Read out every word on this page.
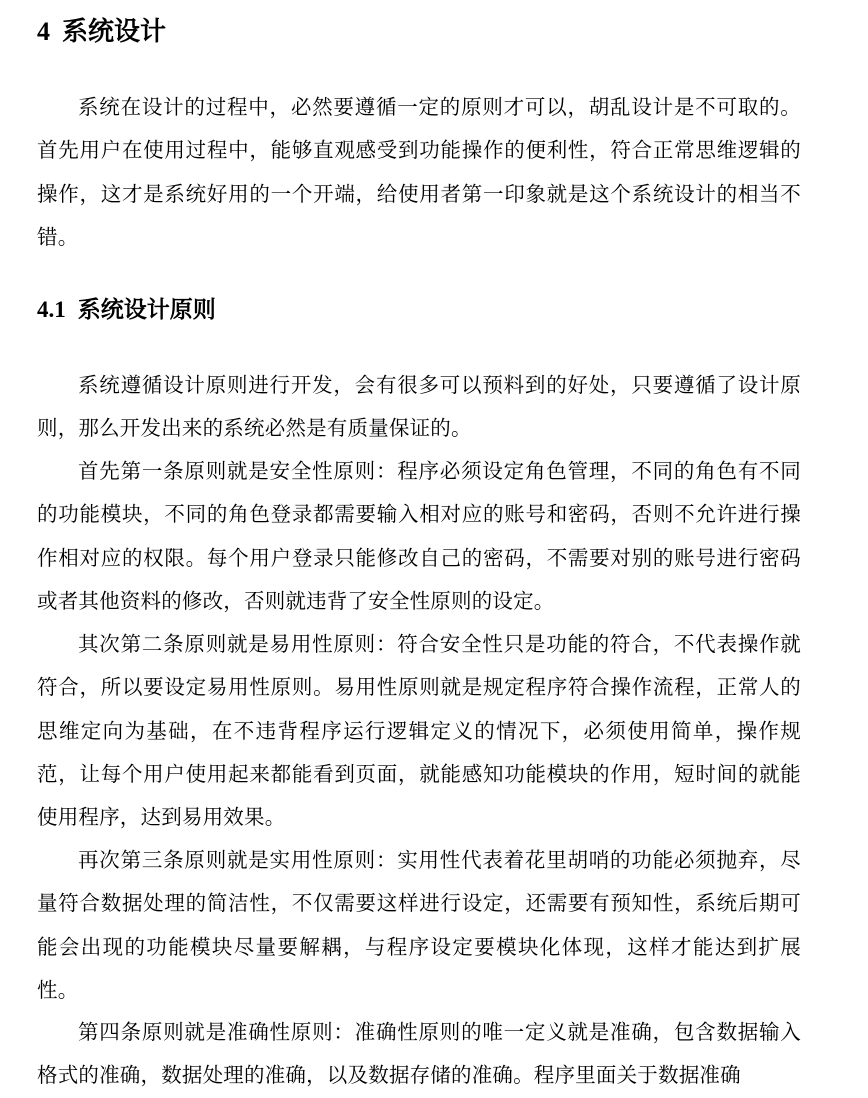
4 系统设计

系统在设计的过程中，必然要遵循一定的原则才可以，胡乱设计是不可取的。首先用户在使用过程中，能够直观感受到功能操作的便利性，符合正常思维逻辑的操作，这才是系统好用的一个开端，给使用者第一印象就是这个系统设计的相当不错。

4.1 系统设计原则

系统遵循设计原则进行开发，会有很多可以预料到的好处，只要遵循了设计原则，那么开发出来的系统必然是有质量保证的。

首先第一条原则就是安全性原则：程序必须设定角色管理，不同的角色有不同的功能模块，不同的角色登录都需要输入相对应的账号和密码，否则不允许进行操作相对应的权限。每个用户登录只能修改自己的密码，不需要对别的账号进行密码或者其他资料的修改，否则就违背了安全性原则的设定。

其次第二条原则就是易用性原则：符合安全性只是功能的符合，不代表操作就符合，所以要设定易用性原则。易用性原则就是规定程序符合操作流程，正常人的思维定向为基础，在不违背程序运行逻辑定义的情况下，必须使用简单，操作规范，让每个用户使用起来都能看到页面，就能感知功能模块的作用，短时间的就能使用程序，达到易用效果。

再次第三条原则就是实用性原则：实用性代表着花里胡哨的功能必须抛弃，尽量符合数据处理的简洁性，不仅需要这样进行设定，还需要有预知性，系统后期可能会出现的功能模块尽量要解耦，与程序设定要模块化体现，这样才能达到扩展性。

第四条原则就是准确性原则：准确性原则的唯一定义就是准确，包含数据输入格式的准确，数据处理的准确，以及数据存储的准确。程序里面关于数据准确
